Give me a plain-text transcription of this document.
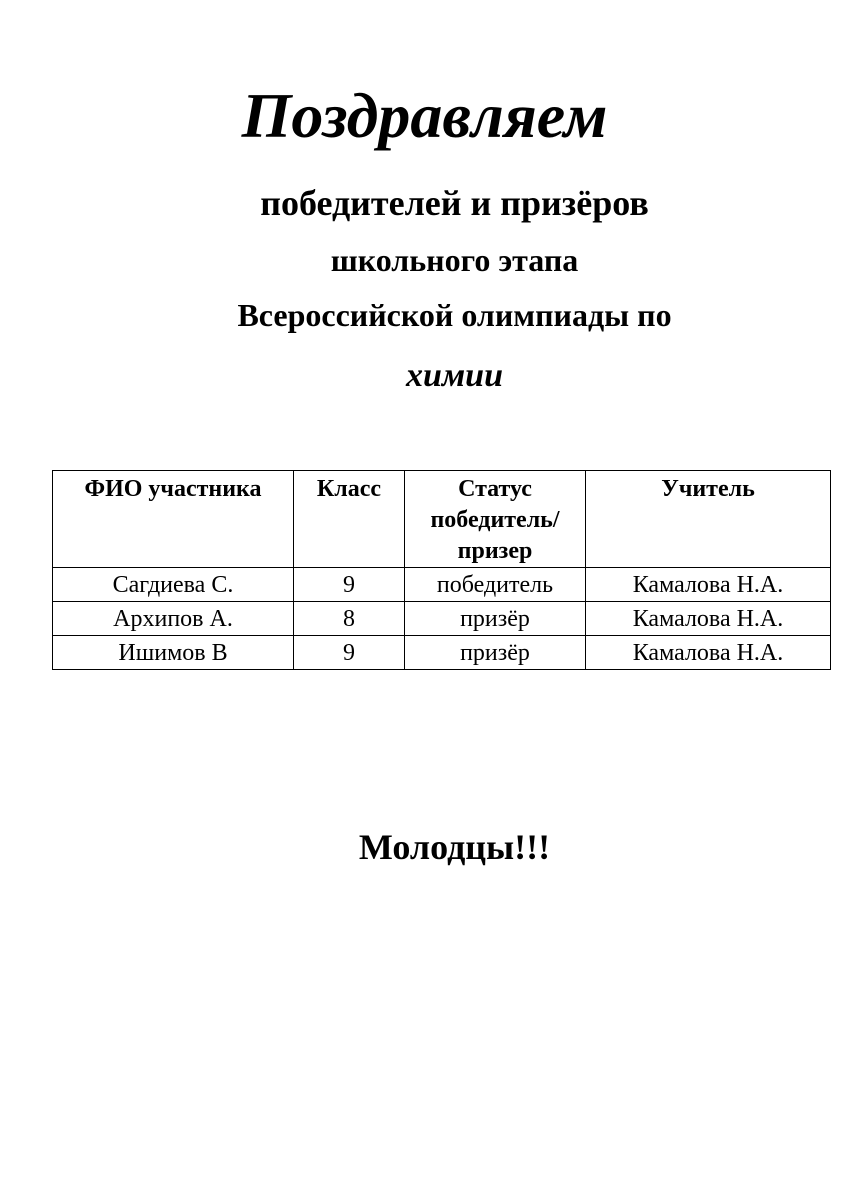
Поздравляем

победителей и призёров

школьного этапа

Всероссийской олимпиады по

химии

ФИО участника	Класс	Статус
победитель/
призер	Учитель
Сагдиева С.	9	победитель	Камалова Н.А.
Архипов А.	8	призёр	Камалова Н.А.
Ишимов В	9	призёр	Камалова Н.А.

Молодцы!!!
